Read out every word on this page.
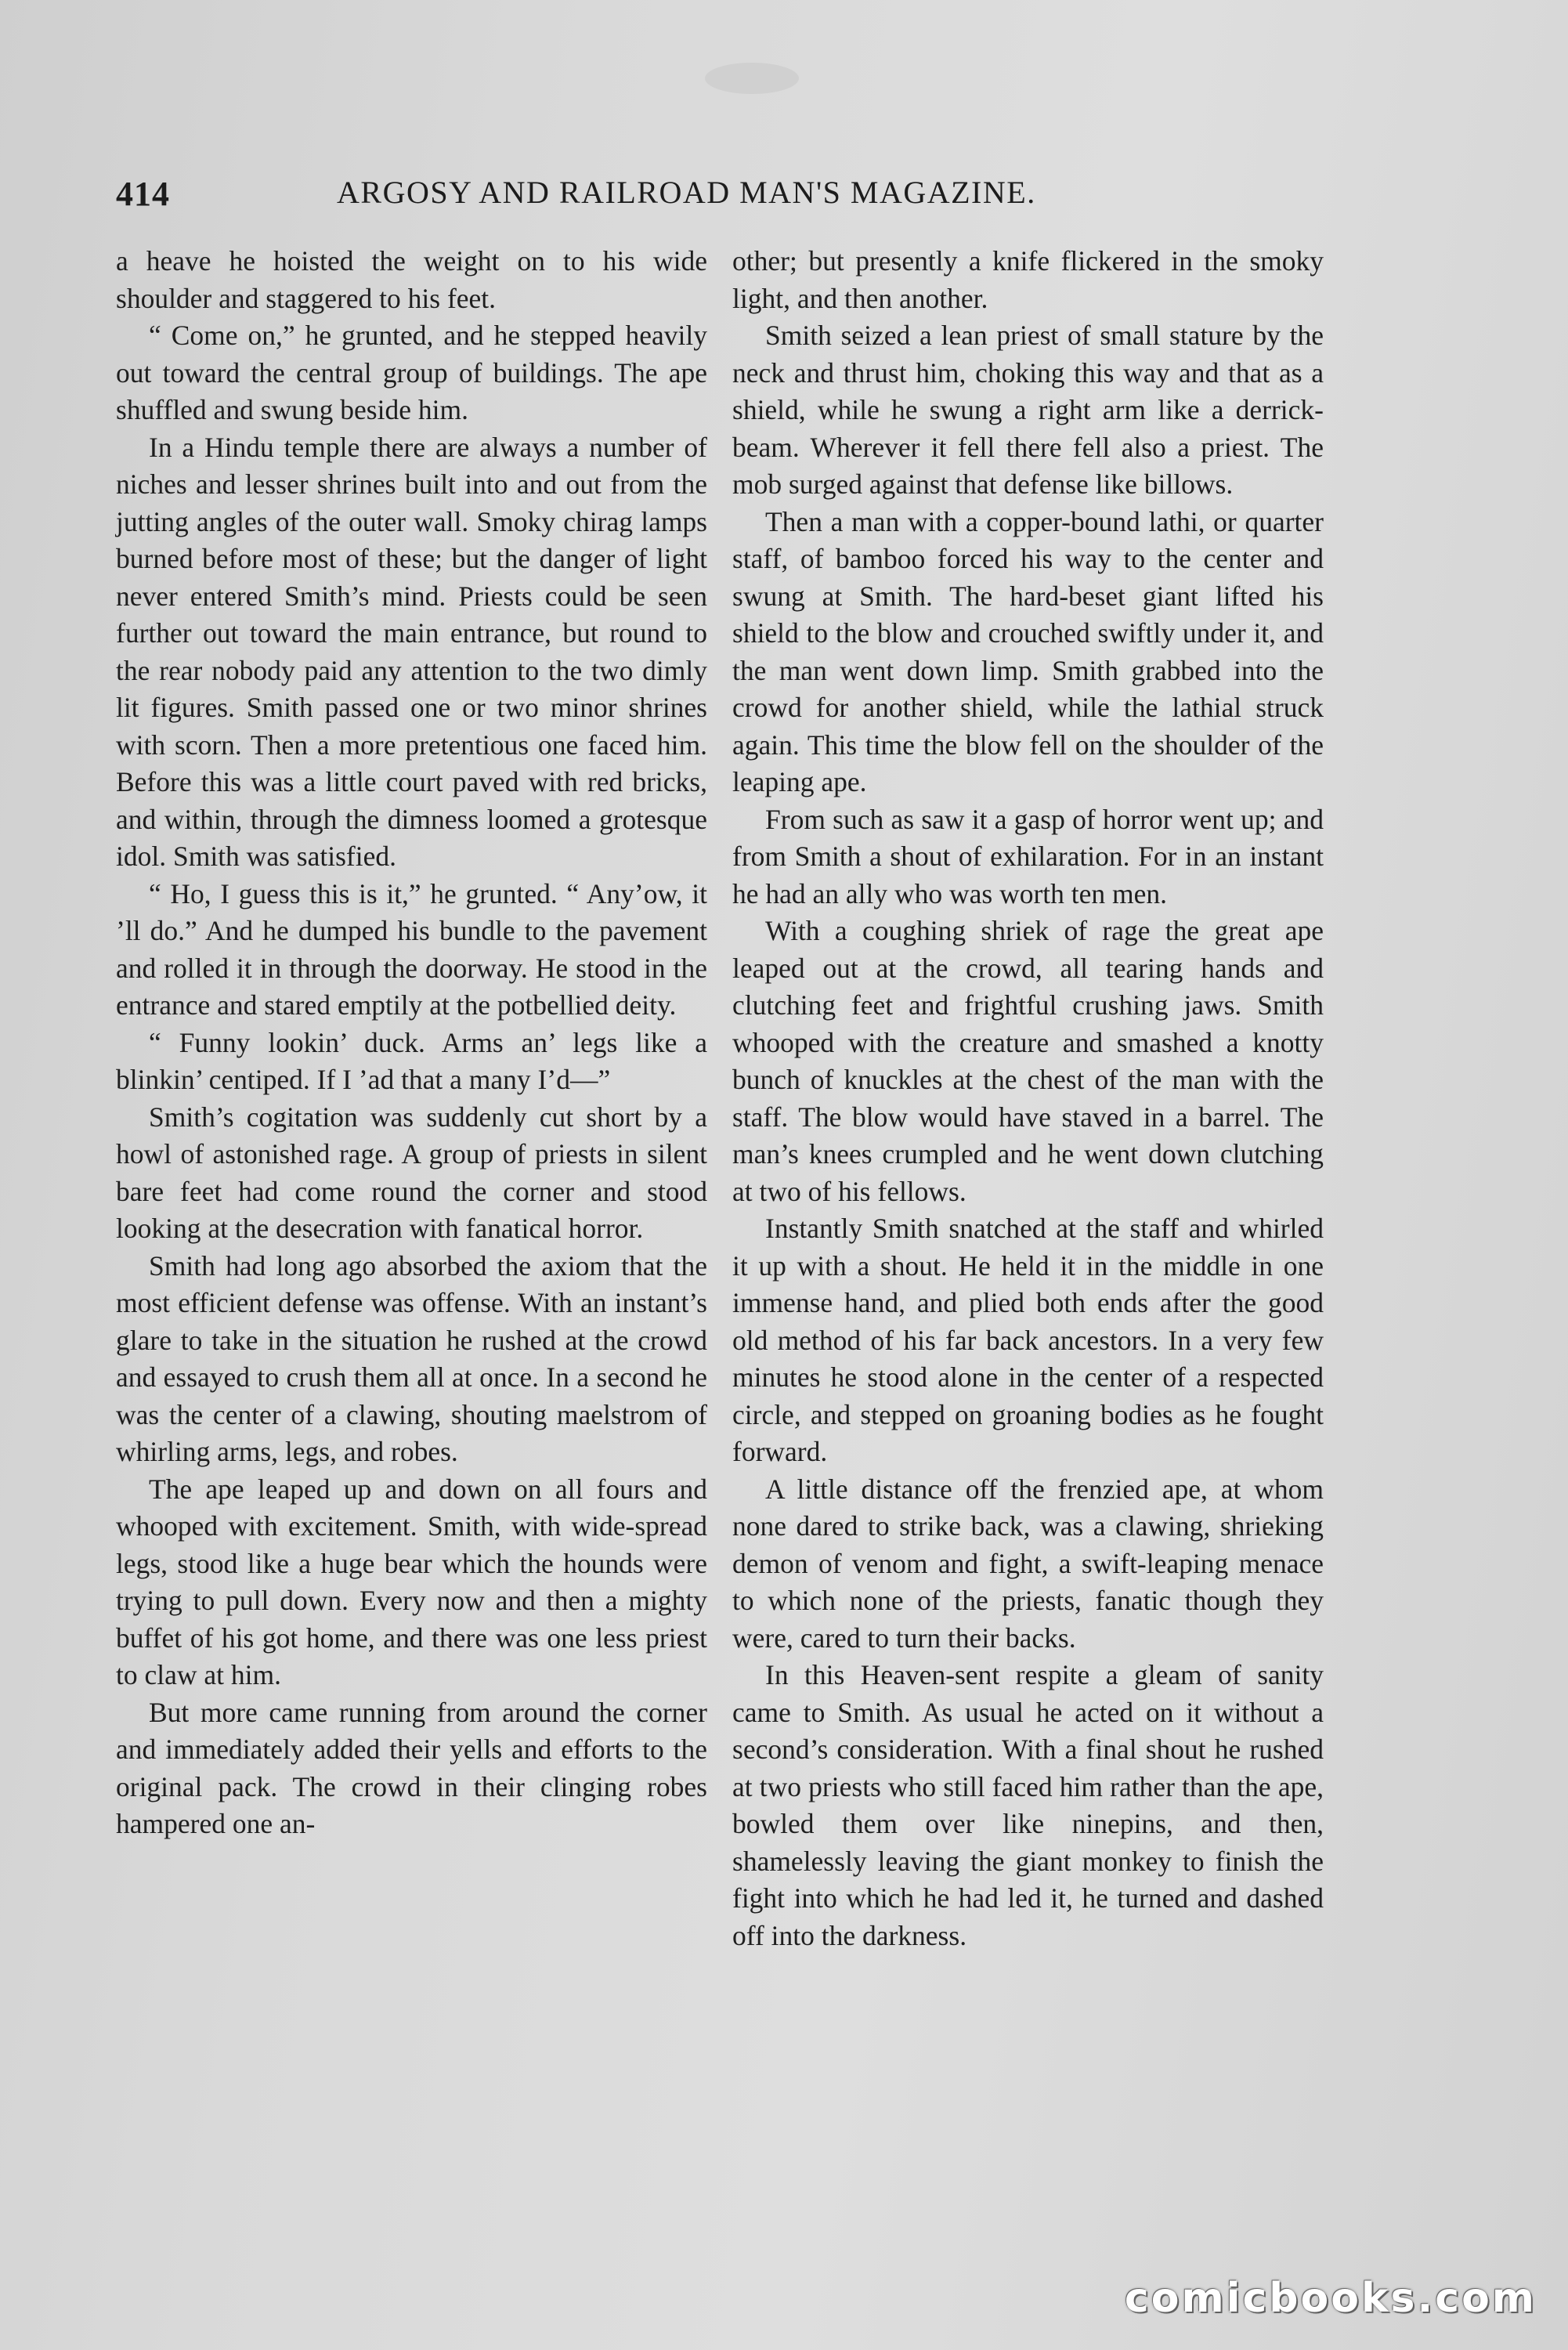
414	ARGOSY AND RAILROAD MAN'S MAGAZINE.

a heave he hoisted the weight on to his wide shoulder and staggered to his feet.

“ Come on,” he grunted, and he stepped heavily out toward the central group of buildings. The ape shuffled and swung beside him.

In a Hindu temple there are always a number of niches and lesser shrines built into and out from the jutting angles of the outer wall. Smoky chirag lamps burned before most of these; but the danger of light never entered Smith’s mind. Priests could be seen further out toward the main entrance, but round to the rear nobody paid any attention to the two dimly lit figures. Smith passed one or two minor shrines with scorn. Then a more pretentious one faced him. Before this was a little court paved with red bricks, and within, through the dimness loomed a grotesque idol. Smith was satisfied.

“ Ho, I guess this is it,” he grunted. “ Any’ow, it ’ll do.” And he dumped his bundle to the pavement and rolled it in through the doorway. He stood in the entrance and stared emptily at the potbellied deity.

“ Funny lookin’ duck. Arms an’ legs like a blinkin’ centiped. If I ’ad that a many I’d—”

Smith’s cogitation was suddenly cut short by a howl of astonished rage. A group of priests in silent bare feet had come round the corner and stood looking at the desecration with fanatical horror.

Smith had long ago absorbed the axiom that the most efficient defense was offense. With an instant’s glare to take in the situation he rushed at the crowd and essayed to crush them all at once. In a second he was the center of a clawing, shouting maelstrom of whirling arms, legs, and robes.

The ape leaped up and down on all fours and whooped with excitement. Smith, with wide-spread legs, stood like a huge bear which the hounds were trying to pull down. Every now and then a mighty buffet of his got home, and there was one less priest to claw at him.

But more came running from around the corner and immediately added their yells and efforts to the original pack. The crowd in their clinging robes hampered one an-

other; but presently a knife flickered in the smoky light, and then another.

Smith seized a lean priest of small stature by the neck and thrust him, choking this way and that as a shield, while he swung a right arm like a derrick-beam. Wherever it fell there fell also a priest. The mob surged against that defense like billows.

Then a man with a copper-bound lathi, or quarter staff, of bamboo forced his way to the center and swung at Smith. The hard-beset giant lifted his shield to the blow and crouched swiftly under it, and the man went down limp. Smith grabbed into the crowd for another shield, while the lathial struck again. This time the blow fell on the shoulder of the leaping ape.

From such as saw it a gasp of horror went up; and from Smith a shout of exhilaration. For in an instant he had an ally who was worth ten men.

With a coughing shriek of rage the great ape leaped out at the crowd, all tearing hands and clutching feet and frightful crushing jaws. Smith whooped with the creature and smashed a knotty bunch of knuckles at the chest of the man with the staff. The blow would have staved in a barrel. The man’s knees crumpled and he went down clutching at two of his fellows.

Instantly Smith snatched at the staff and whirled it up with a shout. He held it in the middle in one immense hand, and plied both ends after the good old method of his far back ancestors. In a very few minutes he stood alone in the center of a respected circle, and stepped on groaning bodies as he fought forward.

A little distance off the frenzied ape, at whom none dared to strike back, was a clawing, shrieking demon of venom and fight, a swift-leaping menace to which none of the priests, fanatic though they were, cared to turn their backs.

In this Heaven-sent respite a gleam of sanity came to Smith. As usual he acted on it without a second’s consideration. With a final shout he rushed at two priests who still faced him rather than the ape, bowled them over like ninepins, and then, shamelessly leaving the giant monkey to finish the fight into which he had led it, he turned and dashed off into the darkness.

comicbooks.com
